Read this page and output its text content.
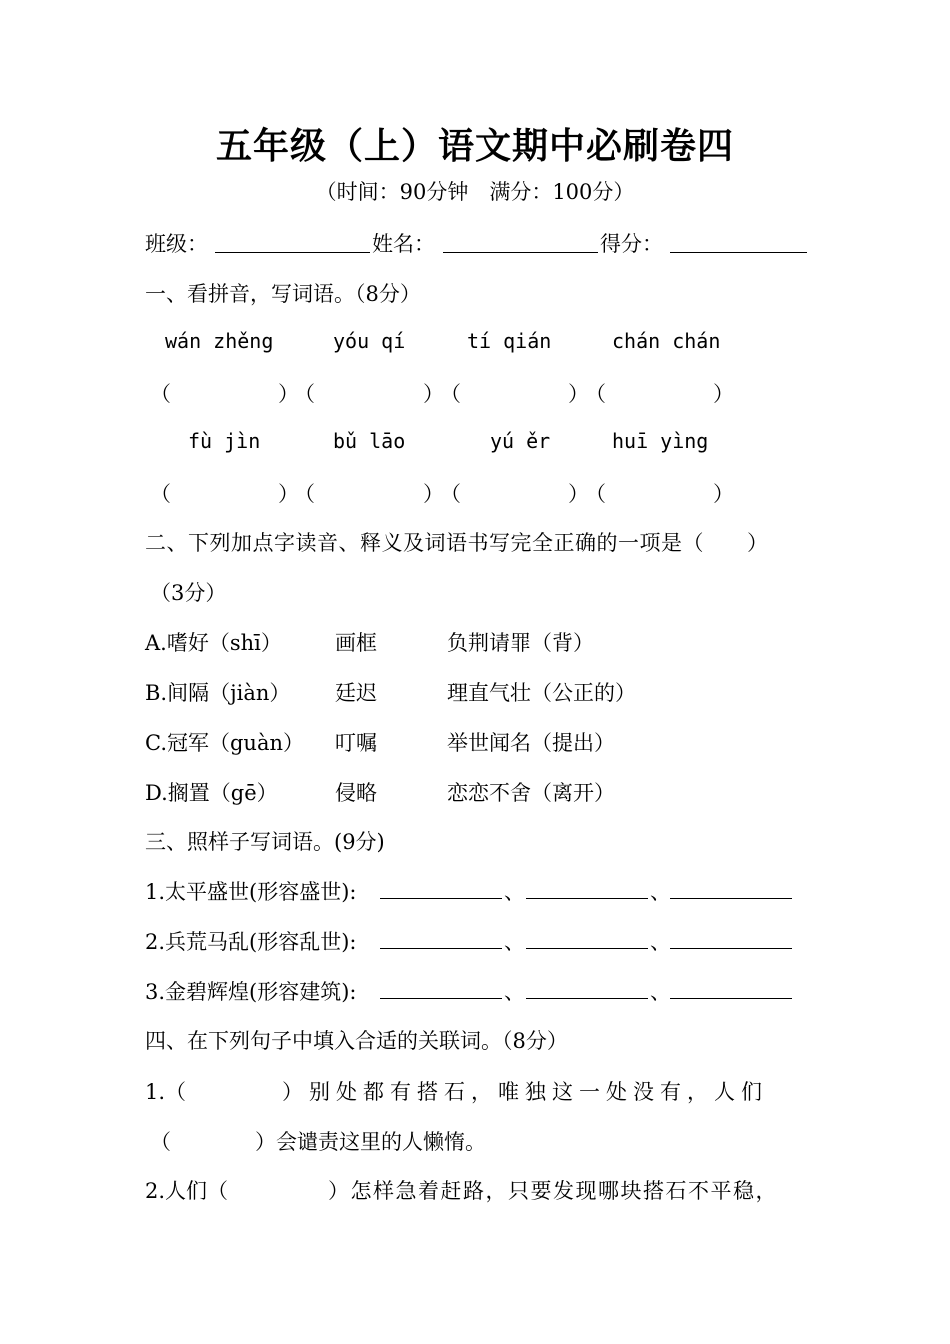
五年级（上）语文期中必刷卷四
（时间：90分钟　满分：100分）
班级：	姓名：	得分：
一、看拼音，写词语。（8分）
wán zhěng	yóu qí	tí qián	chán chán
（	）
（	）
（	）
（	）
fù jìn	bǔ lāo	yú ěr	huī yìng
（	）
（	）
（	）
（	）
二、下列加点字读音、释义及词语书写完全正确的一项是（　　）
（3分）
A.嗜好（shī）	画框	负荆请罪（背）
B.间隔（jiàn） 廷迟	理直气壮（公正的）
C.冠军（guàn） 叮嘱	举世闻名（提出）
D.搁置（gē）	侵略	恋恋不舍（离开）
三、照样子写词语。(9分)
1.太平盛世(形容盛世):	、	、
2.兵荒马乱(形容乱世):	、	、
3.金碧辉煌(形容建筑):	、	、
四、在下列句子中填入合适的关联词。（8分）
1.（	）别处都有搭石，唯独这一处没有，人们
（	）会谴责这里的人懒惰。
2.人们（	）怎样急着赶路，只要发现哪块搭石不平稳，
